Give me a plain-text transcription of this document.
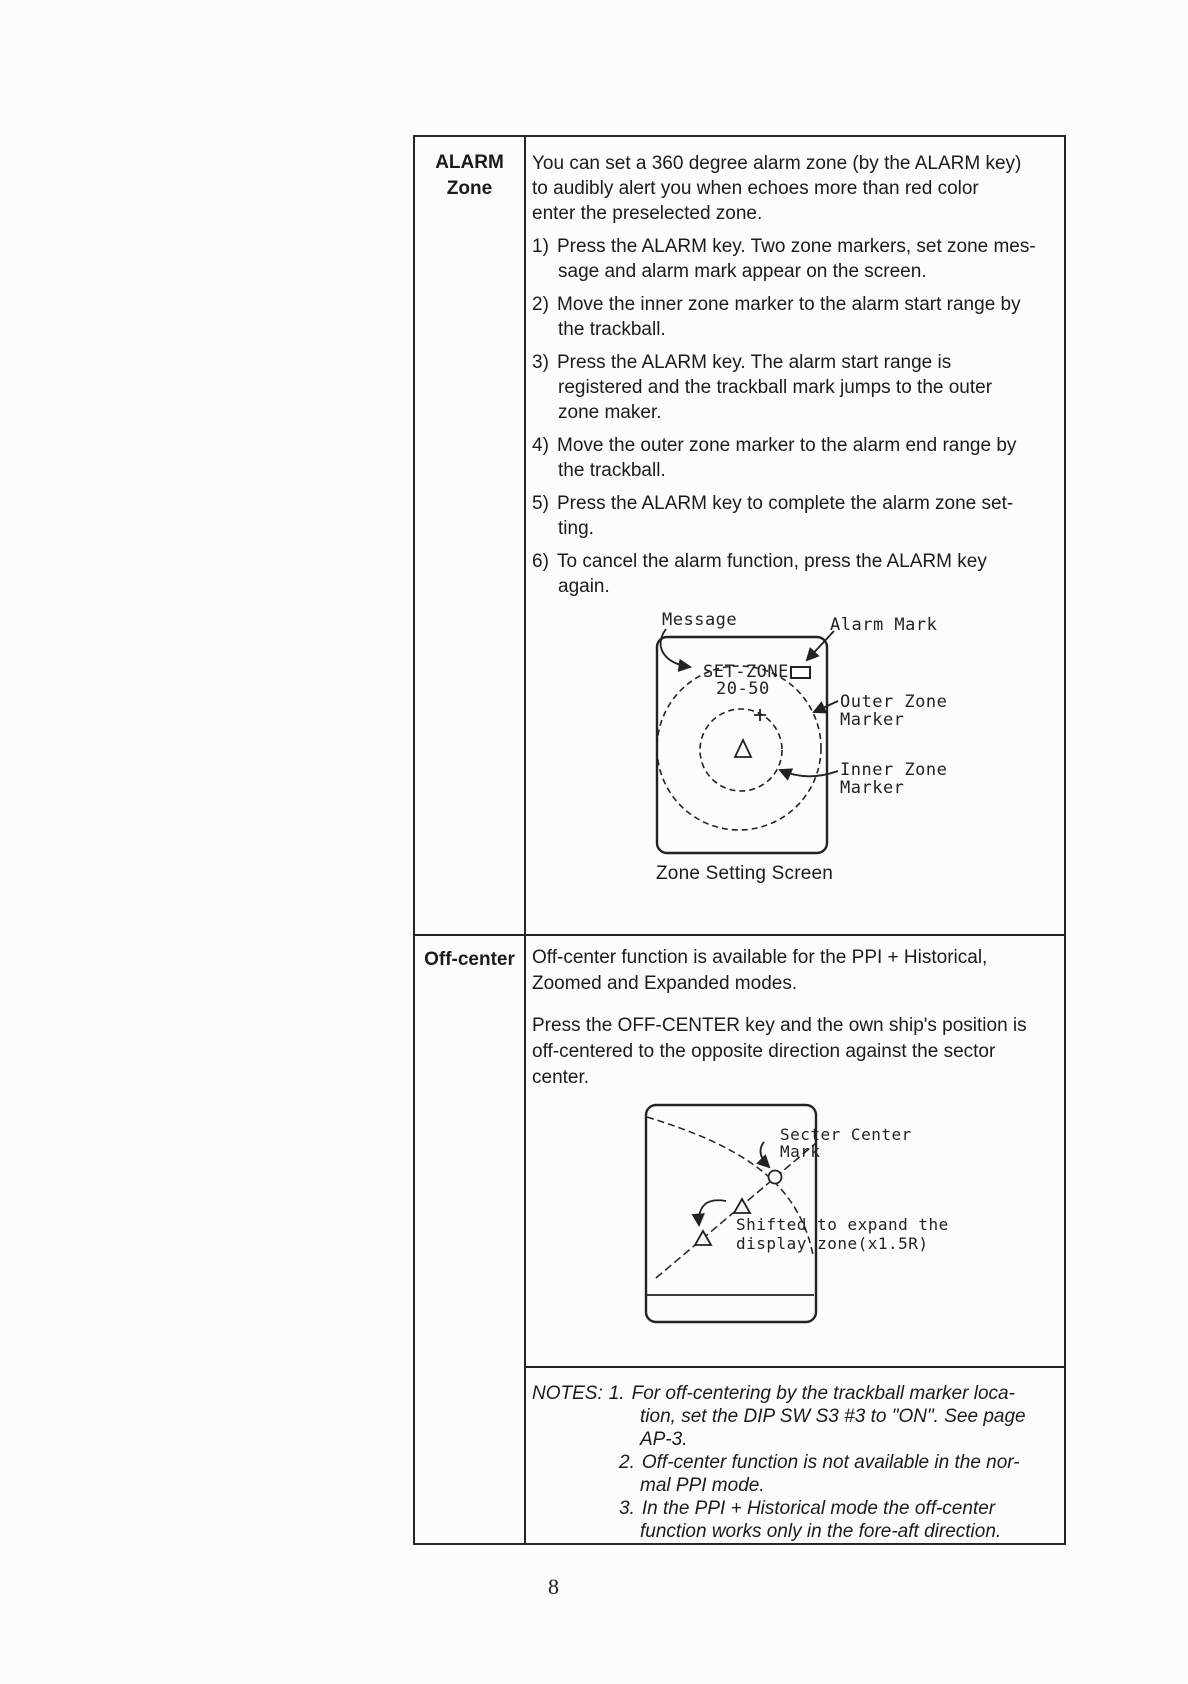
ALARM
Zone
You can set a 360 degree alarm zone (by the ALARM key)
to audibly alert you when echoes more than red color
enter the preselected zone.
1) Press the ALARM key. Two zone markers, set zone mes-
sage and alarm mark appear on the screen.
2) Move the inner zone marker to the alarm start range by
the trackball.
3) Press the ALARM key. The alarm start range is
registered and the trackball mark jumps to the outer
zone maker.
4) Move the outer zone marker to the alarm end range by
the trackball.
5) Press the ALARM key to complete the alarm zone set-
ting.
6) To cancel the alarm function, press the ALARM key
again.
Message	Alarm Mark
SET-ZONE
20-50
Outer Zone
Marker
Inner Zone
Marker
Zone Setting Screen
Off-center Off-center function is available for the PPI + Historical,
Zoomed and Expanded modes.
Press the OFF-CENTER key and the own ship's position is
off-centered to the opposite direction against the sector
center.
Secter Center
Mark
Shifted to expand the
display zone(x1.5R)
NOTES: 1. For off-centering by the trackball marker loca-
tion, set the DIP SW S3 #3 to "ON". See page
AP-3.
2. Off-center function is not available in the nor-
mal PPI mode.
3. In the PPI + Historical mode the off-center
function works only in the fore-aft direction.
8
